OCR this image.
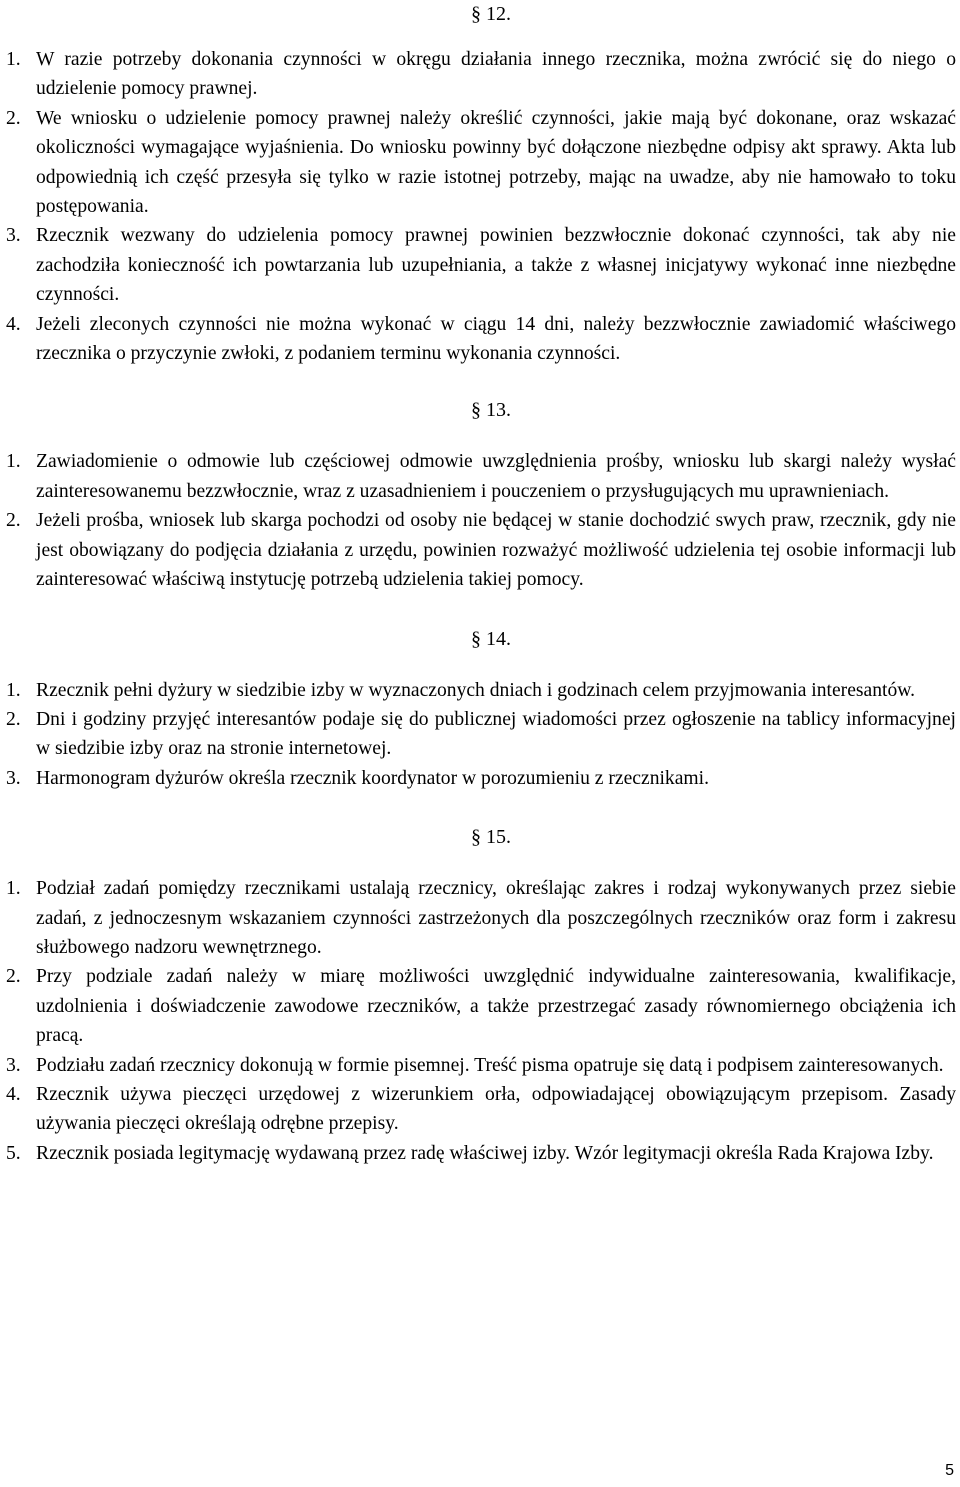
§ 12.
1. W razie potrzeby dokonania czynności w okręgu działania innego rzecznika, można zwrócić się do niego o udzielenie pomocy prawnej.
2. We wniosku o udzielenie pomocy prawnej należy określić czynności, jakie mają być dokonane, oraz wskazać okoliczności wymagające wyjaśnienia. Do wniosku powinny być dołączone niezbędne odpisy akt sprawy. Akta lub odpowiednią ich część przesyła się tylko w razie istotnej potrzeby, mając na uwadze, aby nie hamowało to toku postępowania.
3. Rzecznik wezwany do udzielenia pomocy prawnej powinien bezzwłocznie dokonać czynności, tak aby nie zachodziła konieczność ich powtarzania lub uzupełniania, a także z własnej inicjatywy wykonać inne niezbędne czynności.
4. Jeżeli zleconych czynności nie można wykonać w ciągu 14 dni, należy bezzwłocznie zawiadomić właściwego rzecznika o przyczynie zwłoki, z podaniem terminu wykonania czynności.
§ 13.
1. Zawiadomienie o odmowie lub częściowej odmowie uwzględnienia prośby, wniosku lub skargi należy wysłać zainteresowanemu bezzwłocznie, wraz z uzasadnieniem i pouczeniem o przysługujących mu uprawnieniach.
2. Jeżeli prośba, wniosek lub skarga pochodzi od osoby nie będącej w stanie dochodzić swych praw, rzecznik, gdy nie jest obowiązany do podjęcia działania z urzędu, powinien rozważyć możliwość udzielenia tej osobie informacji lub zainteresować właściwą instytucję potrzebą udzielenia takiej pomocy.
§ 14.
1. Rzecznik pełni dyżury w siedzibie izby w wyznaczonych dniach i godzinach celem przyjmowania interesantów.
2. Dni i godziny przyjęć interesantów podaje się do publicznej wiadomości przez ogłoszenie na tablicy informacyjnej w siedzibie izby oraz na stronie internetowej.
3. Harmonogram dyżurów określa rzecznik koordynator w porozumieniu z rzecznikami.
§ 15.
1. Podział zadań pomiędzy rzecznikami ustalają rzecznicy, określając zakres i rodzaj wykonywanych przez siebie zadań, z jednoczesnym wskazaniem czynności zastrzeżonych dla poszczególnych rzeczników oraz form i zakresu służbowego nadzoru wewnętrznego.
2. Przy podziale zadań należy w miarę możliwości uwzględnić indywidualne zainteresowania, kwalifikacje, uzdolnienia i doświadczenie zawodowe rzeczników, a także przestrzegać zasady równomiernego obciążenia ich pracą.
3. Podziału zadań rzecznicy dokonują w formie pisemnej. Treść pisma opatruje się datą i podpisem zainteresowanych.
4. Rzecznik używa pieczęci urzędowej z wizerunkiem orła, odpowiadającej obowiązującym przepisom. Zasady używania pieczęci określają odrębne przepisy.
5. Rzecznik posiada legitymację wydawaną przez radę właściwej izby. Wzór legitymacji określa Rada Krajowa Izby.
5
